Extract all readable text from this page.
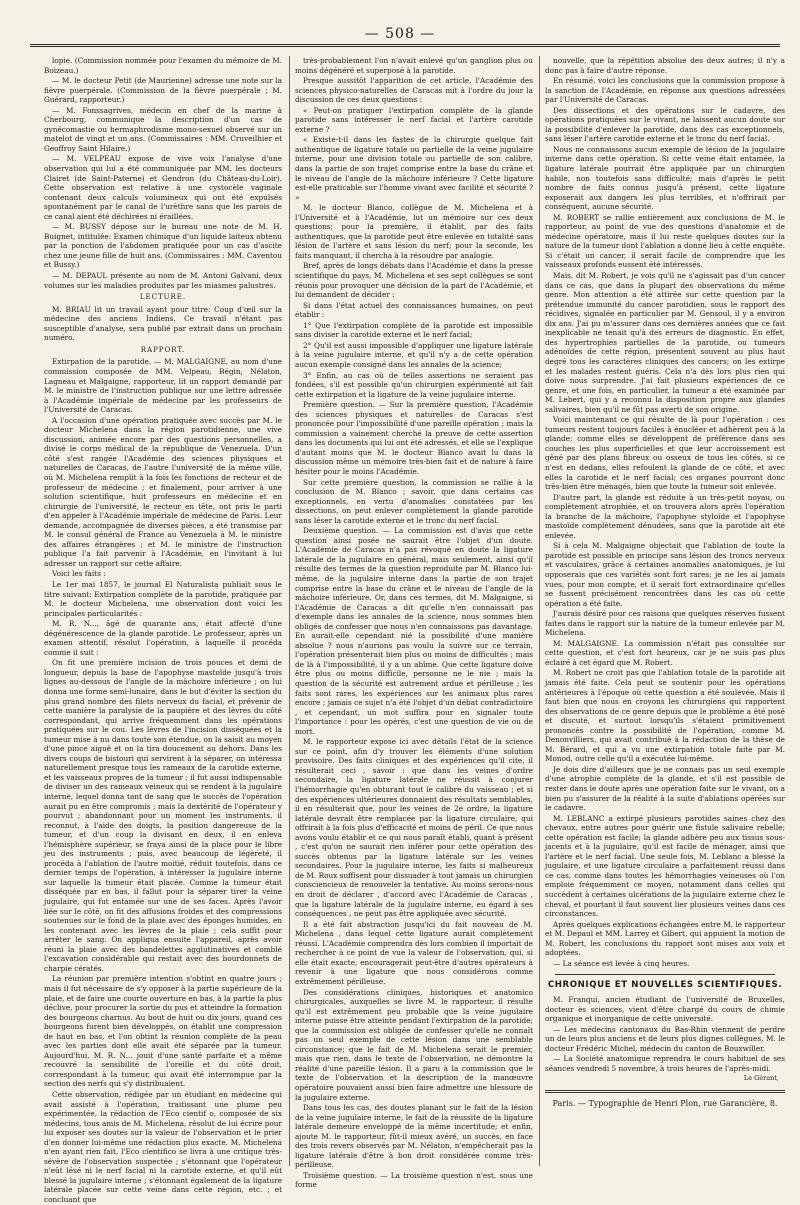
— 508 —

lopie. (Commission nommée pour l'examen du mémoire de M. Boizeau.)

— M. le docteur Petit (de Maurienne) adresse une note sur la fièvre puerpérale. (Commission de la fièvre puerpérale ; M. Guérard, rapporteur.)

— M. Fonssagrives, médecin en chef de la marine à Cherbourg, communique la description d'un cas de gynécomastie ou hermaphrodisme mono-sexuel observé sur un matelot de vingt et un ans. (Commissaires : MM. Cruveilhier et Geoffroy Saint Hilaire.)

— M. VELPEAU expose de vive voix l'analyse d'une observation qui lui a été communiquée par MM. les docteurs Clairet (de Saint-Paterne) et Gendron (du Château-du-Loir). Cette observation est relative à une cystocèle vaginale contenant deux calculs volumineux qui ont été expulsés spontanément par le canal de l'urèthre sans que les parois de ce canal aient été déchirées ni éraillées.

— M. BUSSY dépose sur le bureau une note de M. H. Buignet, intitulée: Examen chimique d'un liquide laiteux obtenu par la ponction de l'abdomen pratiquée pour un cas d'ascite chez une jeune fille de huit ans. (Commissaires : MM. Caventou et Bussy.)

— M. DEPAUL présente au nom de M. Antoni Galvani, deux volumes sur les maladies produites par les miasmes palustres.

LECTURE.

M. BRIAU lit un travail ayant pour titre: Coup d'œil sur la médecine des anciens Indiens. Ce travail n'étant pas susceptible d'analyse, sera publié par extrait dans un prochain numéro.

RAPPORT.

Extirpation de la parotide. — M. MALGAIGNE, au nom d'une commission composée de MM. Velpeau, Bégin, Nélaton, Lagneau et Malgaigne, rapporteur, lit un rapport demandé par M. le ministre de l'instruction publique sur une lettre adressée à l'Académie impériale de médecine par les professeurs de l'Université de Caracas.

A l'occasion d'une opération pratiquée avec succès par M. le docteur Michelena dans la région parotidienne, une vive discussion, animée encore par des questions personnelles, a divisé le corps médical de la république de Venezuela. D'un côté s'est rangée l'Académie des sciences physiques et naturelles de Caracas, de l'autre l'université de la même ville, où M. Michelena remplit à la fois les fonctions de recteur et de professeur de médecine ; et finalement, pour arriver à une solution scientifique, huit professeurs en médecine et en chirurgie de l'université, le recteur en tête, ont pris le parti d'en appeler à l'Académie impériale de médecine de Paris. Leur demande, accompagnée de diverses pièces, a été transmise par M. le consul général de France au Venezuela à M. le ministre des affaires étrangères ; et M. le ministre de l'instruction publique l'a fait parvenir à l'Académie, en l'invitant à lui adresser un rapport sur cette affaire.

Voici les faits :

Le 1er mai 1857, le journal El Naturalista publiait sous le titre suivant: Extirpation complète de la parotide, pratiquée par M. le docteur Michelena, une observation dont voici les principales particularités :

M. R. N..., âgé de quarante ans, était affecté d'une dégénérescence de la glande parotide. Le professeur, après un examen attentif, résolut l'opération, à laquelle il procéda comme il suit :

On fit une première incision de trois pouces et demi de longueur, depuis la base de l'apophyse mastoïde jusqu'à trois lignes au-dessous de l'angle de la mâchoire inférieure ; on lui donna une forme semi-lunaire, dans le but d'éviter la section du plus grand nombre des filets nerveux du facial, et prévenir de cette manière la paralysie de la paupière et des lèvres du côté correspondant, qui arrive fréquemment dans les opérations pratiquées sur le cou. Les lèvres de l'incision disséquées et la tumeur mise à nu dans toute son étendue, on la saisit au moyen d'une pince aiguë et on la tira doucement au dehors. Dans les divers coups de bistouri qui servirent à la séparer, on intéressa naturellement presque tous les rameaux de la carotide externe, et les vaisseaux propres de la tumeur ; il fut aussi indispensable de diviser un des rameaux veineux qui se rendent à la jugulaire interne, lequel donna tant de sang que le succès de l'opération aurait pu en être compromis ; mais la dextérité de l'opérateur y pourvut ; abandonnant pour un moment les instruments, il reconnut, à l'aide des doigts, la position dangereuse de la tumeur, et d'un coup la divisant en deux, il en enleva l'hémisphère supérieur, se fraya ainsi de la place pour le libre jeu des instruments ; puis, avec beaucoup de légèreté, il procéda à l'ablation de l'autre moitié, réduit toutefois, dans ce dernier temps de l'opération, à intéresser la jugulaire interne sur laquelle la tumeur était placée. Comme la tumeur était disséquée par en bas, il fallut pour la séparer tirer la veine jugulaire, qui fut entamée sur une de ses faces. Après l'avoir liée sur le côté, on fit des affusions froides et des compressions soutenues sur le fond de la plaie avec des éponges humides, en les contenant avec les lèvres de la plaie ; cela suffit pour arrêter le sang. On appliqua ensuite l'appareil, après avoir réuni la plaie avec des bandelettes agglutinatives et comblé l'excavation considérable qui restait avec des bourdonnets de charpie cératés.

La réunion par première intention s'obtint en quatre jours ; mais il fut nécessaire de s'y opposer à la partie supérieure de la plaie, et de faire une courte ouverture en bas, à la partie la plus déclive, pour procurer la sortie du pus et atteindre la formation des bourgeons charnus. Au bout de huit ou dix jours, quand ces bourgeons furent bien développés, on établit une compression de haut en bas, et l'on obtint la réunion complète de la peau avec les parties dont elle avait été séparée par la tumeur. Aujourd'hui, M. R. N... jouit d'une santé parfaite et a même recouvré la sensibilité de l'oreille et du côté droit, correspondant à la tumeur, qui avait été interrompue par la section des nerfs qui s'y distribuaient.

Cette observation, rédigée par un étudiant en médecine qui avait assisté à l'opération, traitissant une plume peu expérimentée, la rédaction de l'Eco cientif o, composée de six médecins, tous amis de M. Michelena, résolut de lui écrire pour lui exposer ses doutes sur la valeur de l'observation et le prier d'en donner lui-même une rédaction plus exacte. M. Michelena n'en ayant rien fait, l'Eco cientifico se livra à une critique très-sévère de l'observation suspectée ; s'étonnant que l'opérateur n'eût lésé ni le nerf facial ni la carotide externe, et qu'il eût blessé la jugulaire interne ; s'étonnant également de la ligature latérale placée sur cette veine dans cette région, etc. ; et concluant que

très-probablement l'on n'avait enlevé qu'un ganglion plus ou moins dégénéré et superposé à la parotide.

Presque aussitôt l'apparition de cet article, l'Académie des sciences physico-naturelles de Caracas mit à l'ordre du jour la discussion de ces deux questions :

« Peut-on pratiquer l'extirpation complète de la glande parotide sans intéresser le nerf facial et l'artère carotide externe ?

« Existe-t-il dans les fastes de la chirurgie quelque fait authentique de ligature totale ou partielle de la veine jugulaire interne, pour une division totale ou partielle de son calibre, dans la partie de son trajet comprise entre la base du crâne et le niveau de l'angle de la mâchoire inférieure ? Cette ligature est-elle praticable sur l'homme vivant avec facilité et sécurité ? »

M. le docteur Blanco, collègue de M. Michelena et à l'Université et à l'Académie, lut un mémoire sur ces deux questions; pour la première, il établit, par des faits authentiques, que la parotide peut être enlevée en totalité sans lésion de l'artère et sans lésion du nerf; pour la seconde, les faits manquant, il chercha à la résoudre par analogie.

Bref, après de longs débats dans l'Académie et dans la presse scientifique du pays, M. Michelena et ses sept collègues se sont réunis pour provoquer une décision de la part de l'Académie, et lui demandent de décider :

Si dans l'état actuel des connaissances humaines, on peut établir :

1° Que l'extirpation complète de la parotide est impossible sans diviser la carotide externe et le nerf facial;

2° Qu'il est aussi impossible d'appliquer une ligature latérale à la veine jugulaire interne, et qu'il n'y a de cette opération aucun exemple consigné dans les annales de la science;

3° Enfin, au cas où de telles assertions ne seraient pas fondées, s'il est possible qu'un chirurgien expérimenté ait fait cette extirpation et la ligature de la veine jugulaire interne.

Première question. — Sur la première question, l'Académie des sciences physiques et naturelles de Caracas s'est prononcée pour l'impossibilité d'une pareille opération ; mais la commission a vainement cherché la preuve de cette assertion dans les documents qui lui ont été adressés, et elle se l'explique d'autant moins que M. le docteur Blanco avait lu dans la discussion même un mémoire très-bien fait et de nature à faire hésiter pour le moins l'Académie.

Sur cette première question, la commission se rallie à la conclusion de M. Blanco ; savoir, que dans certains cas exceptionnels, en vertu d'anomalies constatées par les dissections, on peut enlever complètement la glande parotide sans léser la carotide externe et le tronc du nerf facial.

Deuxième question. — La commission est d'avis que cette question ainsi posée ne saurait être l'objet d'un doute. L'Académie de Caracas n'a pas révoqué en doute la ligature latérale de la jugulaire en général, mais seulement, ainsi qu'il résulte des termes de la question reproduite par M. Blanco lui-même, de la jugulaire interne dans la partie de son trajet comprise entre la base du crâne et le niveau de l'angle de la mâchoire inférieure. Or, dans ces termes, dit M. Malgaigne, si l'Académie de Caracas a dit qu'elle n'en connaissait pas d'exemple dans les annales de la science, nous sommes bien obligés de confesser que nous n'en connaissons pas davantage. En aurait-elle cependant nié la possibilité d'une manière absolue ? nous n'aurions pas voulu la suivre sur ce terrain, l'opération présenterait bien plus ou moins de difficultés ; mais de là à l'impossibilité, il y a un abîme. Que cette ligature doive être plus ou moins difficile, personne ne le nie ; mais la question de la sécurité est autrement ardue et périlleuse ; les faits sont rares, les expériences sur les animaux plus rares encore ; jamais ce sujet n'a été l'objet d'un débat contradictoire , et cependant, un mot suffira pour en signaler toute l'importance : pour les opérés, c'est une question de vie ou de mort.

M. le rapporteur expose ici avec détails l'état de la science sur ce point, afin d'y trouver les éléments d'une solution provisoire. Des faits cliniques et des expériences qu'il cite, il résulterait ceci , savoir : que dans les veines d'ordre secondaire, la ligature latérale ne réussit à conjurer l'hémorrhagie qu'en obturant tout le calibre du vaisseau ; et si des expériences ultérieures donnaient des résultats semblables, il en résulterait que, pour les veines de 2e ordre, la ligature latérale devrait être remplacée par la ligature circulaire, qui offrirait à la fois plus d'efficacité et moins de péril. Ce que nous avons voulu établir et ce qui nous paraît établi, quant à présent , c'est qu'on ne saurait rien inférer pour cette opération des succès obtenus par la ligature latérale sur les veines secondaires. Pour la jugulaire interne, les faits si malheureux de M. Roux suffisent pour dissuader à tout jamais un chirurgien consciencieux de renouveler la tentative. Au moins serons-nous en droit de déclarer , d'accord avec l'Académie de Caracas , que la ligature latérale de la jugulaire interne, eu égard à ses conséquences , ne peut pas être appliquée avec sécurité.

Il a été fait abstraction jusqu'ici du fait nouveau de M. Michelena , dans lequel cette ligature aurait complètement réussi. L'Académie comprendra dès lors combien il importait de rechercher à ce point de vue la valeur de l'observation, qui, si elle était exacte, encouragerait peut-être d'autres opérateurs à revenir à une ligature que nous considérons comme extrêmement périlleuse.

Des considérations cliniques, historiques et anatomico chirurgicales, auxquelles se livre M. le rapporteur, il résulte qu'il est extrêmement peu probable que la veine jugulaire interne puisse être atteinte pendant l'extirpation de la parotide; que la commission est obligée de confesser qu'elle ne connaît pas un seul exemple de cette lésion dans une semblable circonstance; que le fait de M. Michelena serait le premier, mais que rien, dans le texte de l'observation, ne démontre la réalité d'une pareille lésion. Il a paru à la commission que le texte de l'observation et la description de la manœuvre opératoire pouvaient aussi bien faire admettre une blessure de la jugulaire externe.

Dans tous les cas, des doutes planant sur le fait de la lésion de la veine jugulaire interne, le fait de la réussite de la ligature latérale demeure enveloppé de la même incertitude; et enfin, ajoute M. le rapporteur, fût-il mieux avéré, un succès, en face des trois revers observés par M. Nélaton, n'empêcherait pas la ligature latérale d'être à bon droit considérée comme très-périlleuse.

Troisième question. — La troisième question n'est, sous une forme

nouvelle, que la répétition absolue des deux autres; il n'y a donc pas à faire d'autre réponse.

En résumé, voici les conclusions que la commission propose à la sanction de l'Académie, en réponse aux questions adressées par l'Université de Caracas.

Des dissections et des opérations sur le cadavre, des opérations pratiquées sur le vivant, ne laissent aucun doute sur la possibilité d'enlever la parotide, dans des cas exceptionnels, sans léser l'artère carotide externe et le tronc du nerf facial.

Nous ne connaissons aucun exemple de lésion de la jugulaire interne dans cette opération. Si cette veine était entamée, la ligature latérale pourrait être appliquée par un chirurgien habile, non toutefois sans difficulté; mais d'après le petit nombre de faits connus jusqu'à présent, cette ligature exposerait aux dangers les plus terribles, et n'offrirait par conséquent, aucune sécurité.

M. ROBERT se rallie entièrement aux conclusions de M. le rapporteur, au point de vue des questions d'anatomie et de médecine opératoire, mais il lui reste quelques doutes sur la nature de la tumeur dont l'ablation a donné lieu à cette enquête. Si c'était un cancer, il serait facile de comprendre que les vaisseaux profonds eussent été intéressés.

Mais, dit M. Robert, je vois qu'il ne s'agissait pas d'un cancer dans ce cas, que dans la plupart des observations du même genre. Mon attention a été attirée sur cette question par la prétendue immunité du cancer parotidien, sous le rapport des récidives, signalée en particulier par M. Gensoul, il y a environ dix ans. J'ai pu m'assurer dans ces dernières années que ce fait inexplicable ne tenait qu'à des erreurs de diagnostic. En effet, des hypertrophies partielles de la parotide, ou tumeurs adénoïdes de cette région, présentent souvent au plus haut degré tous les caractères cliniques des cancers; on les extirpe et les malades restent guéris. Cela n'a dès lors plus rien qui doive nous surprendre. J'ai fait plusieurs expériences de ce genre, et une fois, en particulier, la tumeur a été examinée par M. Lebert, qui y a reconnu la disposition propre aux glandes salivaires, bien qu'il ne fût pas averti de son origine.

Voici maintenant ce qui résulte de là pour l'opération : ces tumeurs restent toujours faciles à énucléer et adhèrent peu à la glande; comme elles se développent de préférence dans ses couches les plus superficielles et que leur accroissement est gêné par des plans fibreux ou osseux de tous les côtés, si ce n'est en dedans, elles refoulent la glande de ce côté, et avec elles la carotide et le nerf facial; ces organes pourront donc très-bien être ménagés, bien que toute la tumeur soit enlevée.

D'autre part, la glande est réduite à un très-petit noyau, ou complètement atrophiée, et on trouvera alors après l'opération la branche de la mâchoire, l'apophyse styloïde et l'apophyse mastoïde complètement dénudées, sans que la parotide ait été enlevée.

Si à cela M. Malgaigne objectait que l'ablation de toute la parotide est possible en principe sans lésion des troncs nerveux et vasculaires, grâce à certaines anomalies anatomiques, je lui opposerais que ces variétés sont fort rares; je ne les ai jamais vues, pour mon compte, et il serait fort extraordinaire qu'elles se fussent précisément rencontrées dans les cas où cette opération a été faite.

J'aurais désiré pour ces raisons que quelques réserves fussent faites dans le rapport sur la nature de la tumeur enlevée par M. Michelena.

M. MALGAIGNE. La commission n'était pas consultée sur cette question, et c'est fort heureux, car je ne suis pas plus éclairé à cet égard que M. Robert.

M. Robert ne croit pas que l'ablation totale de la parotide ait jamais été faite. Cela peut se soutenir pour les opérations antérieures à l'époque où cette question a été soulevée. Mais il faut bien que nous en croyons les chirurgiens qui rapportent des observations de ce genre depuis que le problème a été posé et discuté, et surtout lorsqu'ils s'étaient primitivement prononcés contre la possibilité de l'opération, comme M. Denonvilliers, qui avait contribué à la rédaction de la thèse de M. Bérard, et qui a vu une extirpation totale faite par M. Monod, outre celle qu'il a exécutée lui-même.

Je dois dire d'ailleurs que je ne connais pas un seul exemple d'une atrophie complète de la glande, et s'il est possible de rester dans le doute après une opération faite sur le vivant, on a bien pu s'assurer de la réalité à la suite d'ablations opérées sur le cadavre.

M. LEBLANC a extirpé plusieurs parotides saines chez des chevaux, entre autres pour guérir une fistule salivaire rebelle; cette opération est facile; la glande adhère peu aux tissus sous-jacents et à la jugulaire, qu'il est facile de ménager, ainsi que l'artère et le nerf facial. Une seule fois, M. Leblanc a blessé la jugulaire, et une ligature circulaire a parfaitement réussi dans ce cas, comme dans toutes les hémorrhagies veineuses où l'on emploie fréquemment ce moyen, notamment dans celles qui succèdent à certaines ulcérations de la jugulaire externe chez le cheval, et pourtant il faut souvent lier plusieurs veines dans ces circonstances.

Après quelques explications échangées entre M. le rapporteur et M. Depaul et MM. Larrey et Gibert, qui appuient la motion de M. Robert, les conclusions du rapport sont mises aux voix et adoptées.

— La séance est levée à cinq heures.

CHRONIQUE ET NOUVELLES SCIENTIFIQUES.

M. Franqui, ancien étudiant de l'université de Bruxelles, docteur ès sciences, vient d'être chargé du cours de chimie organique et inorganique de cette université.

— Les médecins cantonaux du Bas-Rhin viennent de perdre un de leurs plus anciens et de leurs plus dignes collègues, M. le docteur Frédéric Michel, médecin du canton de Bouxwiller.

— La Société anatomique reprendra le cours habituel de ses séances vendredi 5 novembre, à trois heures de l'après-midi.

Le Gérant,
Paris. — Typographie de Henri Plon, rue Garancière, 8.
